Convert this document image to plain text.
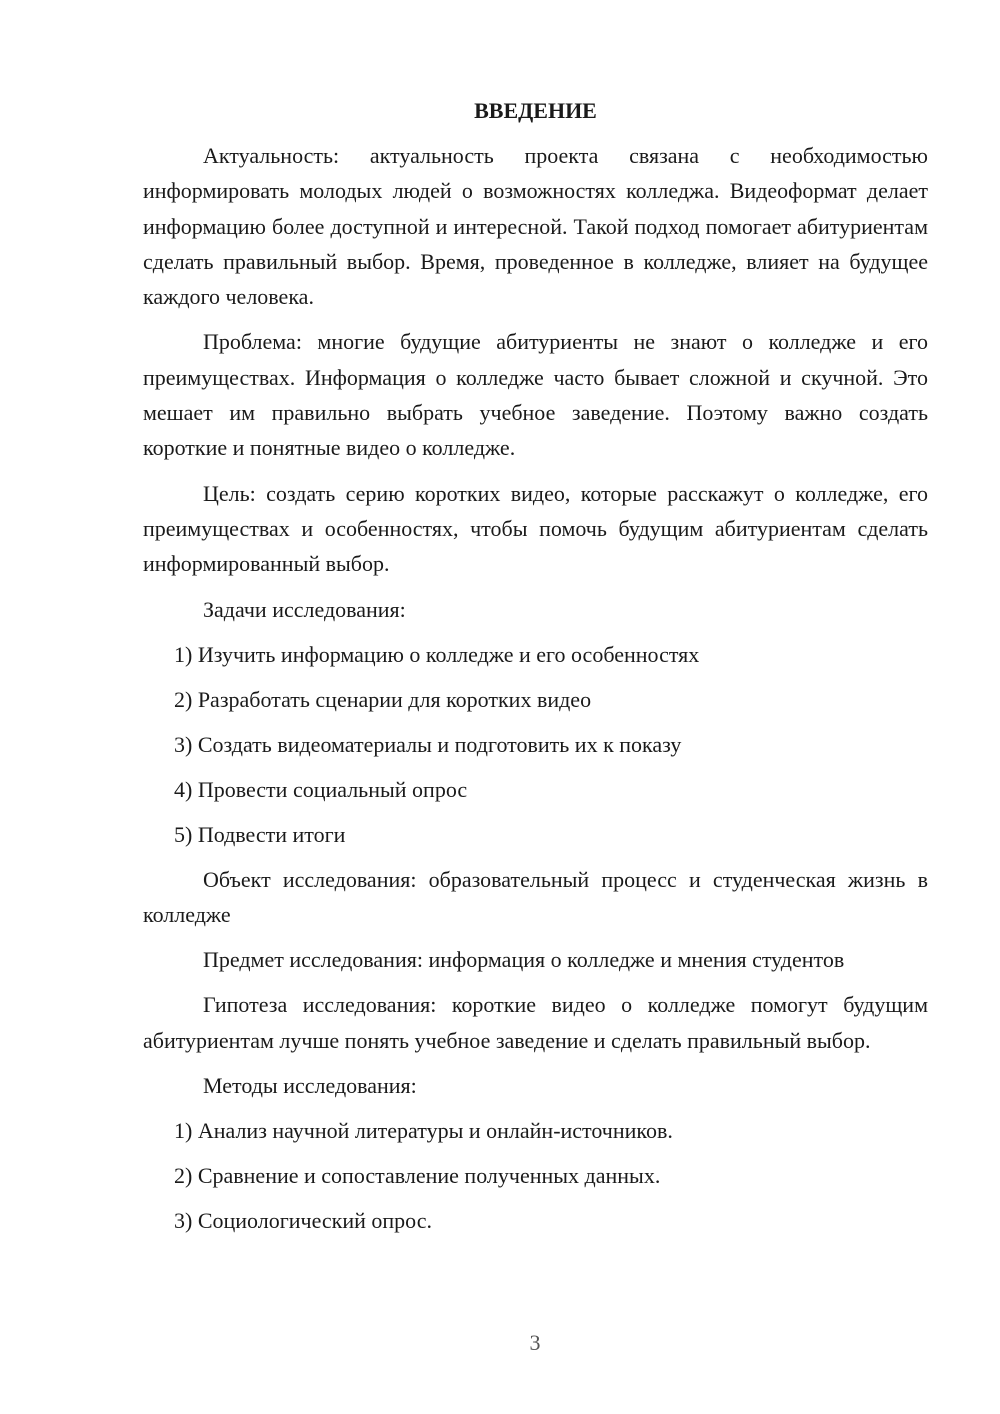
ВВЕДЕНИЕ

Актуальность: актуальность проекта связана с необходимостью информировать молодых людей о возможностях колледжа. Видеоформат делает информацию более доступной и интересной. Такой подход помогает абитуриентам сделать правильный выбор. Время, проведенное в колледже, влияет на будущее каждого человека.

Проблема: многие будущие абитуриенты не знают о колледже и его преимуществах. Информация о колледже часто бывает сложной и скучной. Это мешает им правильно выбрать учебное заведение. Поэтому важно создать короткие и понятные видео о колледже.

Цель: создать серию коротких видео, которые расскажут о колледже, его преимуществах и особенностях, чтобы помочь будущим абитуриентам сделать информированный выбор.

Задачи исследования:

1) Изучить информацию о колледже и его особенностях
2) Разработать сценарии для коротких видео
3) Создать видеоматериалы и подготовить их к показу
4) Провести социальный опрос
5) Подвести итоги

Объект исследования: образовательный процесс и студенческая жизнь в колледже

Предмет исследования: информация о колледже и мнения студентов

Гипотеза исследования: короткие видео о колледже помогут будущим абитуриентам лучше понять учебное заведение и сделать правильный выбор.

Методы исследования:

1) Анализ научной литературы и онлайн-источников.
2) Сравнение и сопоставление полученных данных.
3) Социологический опрос.
3
